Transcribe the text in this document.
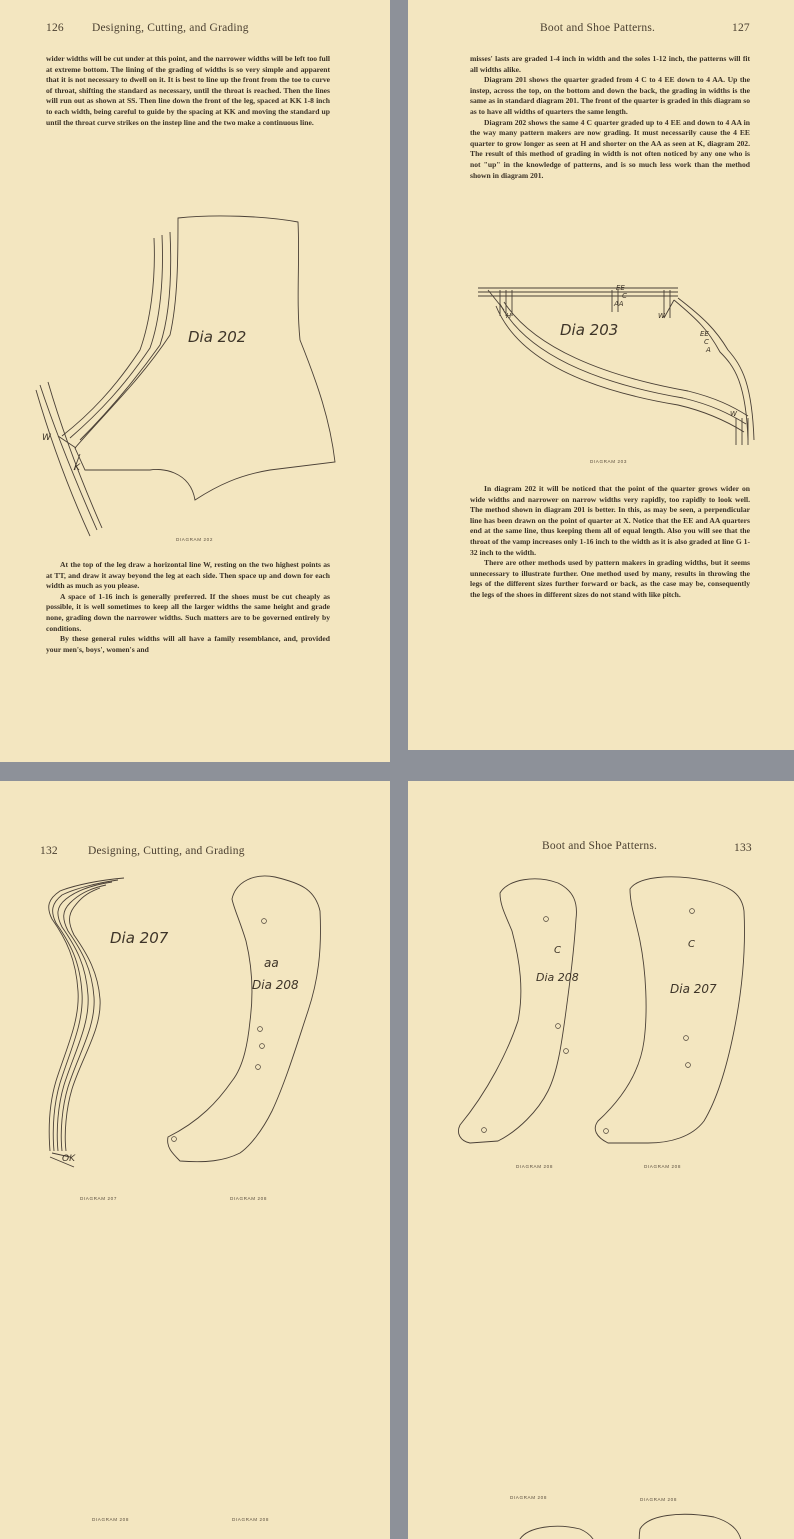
126 Designing, Cutting, and Grading

wider widths will be cut under at this point, and the narrower widths will be left too full at extreme bottom. The lining of the grading of widths is so very simple and apparent that it is not necessary to dwell on it. It is best to line up the front from the toe to curve of throat, shifting the standard as necessary, until the throat is reached. Then the lines will run out as shown at SS. Then line down the front of the leg, spaced at KK 1-8 inch to each width, being careful to guide by the spacing at KK and moving the standard up until the throat curve strikes on the instep line and the two make a continuous line.

Dia 202
W
K
DIAGRAM 202

At the top of the leg draw a horizontal line W, resting on the two highest points as at TT, and draw it away beyond the leg at each side. Then space up and down for each width as much as you please.

A space of 1-16 inch is generally preferred. If the shoes must be cut cheaply as possible, it is well sometimes to keep all the larger widths the same height and grade none, grading down the narrower widths. Such matters are to be governed entirely by conditions.

By these general rules widths will all have a family resemblance, and, provided your men's, boys', women's and

Boot and Shoe Patterns.	127

misses' lasts are graded 1-4 inch in width and the soles 1-12 inch, the patterns will fit all widths alike.

Diagram 201 shows the quarter graded from 4 C to 4 EE down to 4 AA. Up the instep, across the top, on the bottom and down the back, the grading in widths is the same as in standard diagram 201. The front of the quarter is graded in this diagram so as to have all widths of quarters the same length.

Diagram 202 shows the same 4 C quarter graded up to 4 EE and down to 4 AA in the way many pattern makers are now grading. It must necessarily cause the 4 EE quarter to grow longer as seen at H and shorter on the AA as seen at K, diagram 202. The result of this method of grading in width is not often noticed by any one who is not "up" in the knowledge of patterns, and is so much less work than the method shown in diagram 201.

Dia 203
EE
C
AA
H	W
EE
C
A
W
DIAGRAM 203

In diagram 202 it will be noticed that the point of the quarter grows wider on wide widths and narrower on narrow widths very rapidly, too rapidly to look well. The method shown in diagram 201 is better. In this, as may be seen, a perpendicular line has been drawn on the point of quarter at X. Notice that the EE and AA quarters end at the same line, thus keeping them all of equal length. Also you will see that the throat of the vamp increases only 1-16 inch to the width as it is also graded at line G 1-32 inch to the width.

There are other methods used by pattern makers in grading widths, but it seems unnecessary to illustrate further. One method used by many, results in throwing the legs of the different sizes further forward or back, as the case may be, consequently the legs of the shoes in different sizes do not stand with like pitch.

132	Designing, Cutting, and Grading
Dia 207
OK
aa
Dia 208
DIAGRAM 207	DIAGRAM 208
DIAGRAM 208	DIAGRAM 208
Boot and Shoe Patterns.	133
C
Dia 208
C
Dia 207
DIAGRAM 208	DIAGRAM 208
DIAGRAM 208	DIAGRAM 208
